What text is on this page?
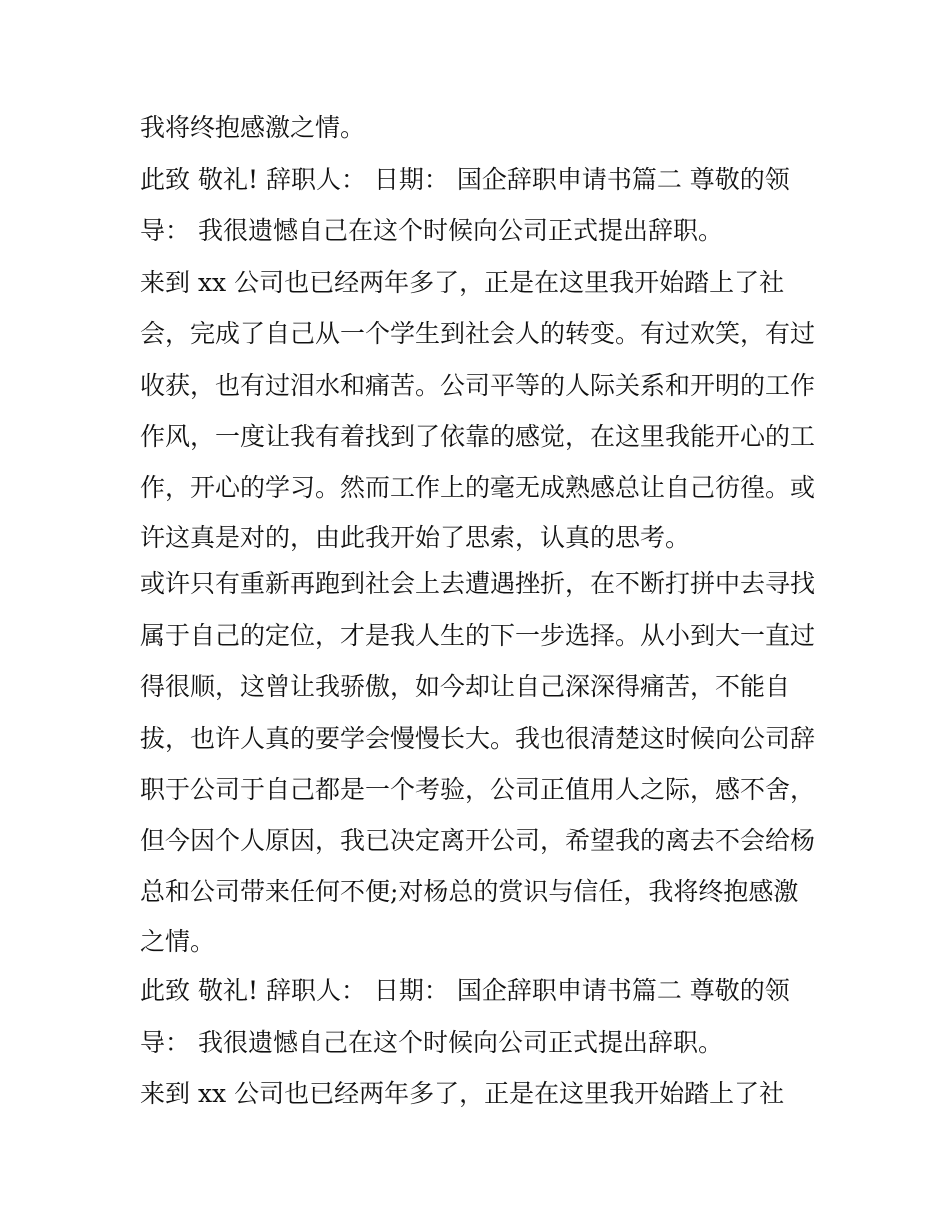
我将终抱感激之情。

此致 敬礼! 辞职人： 日期： 国企辞职申请书篇二 尊敬的领

导： 我很遗憾自己在这个时候向公司正式提出辞职。

来到 xx 公司也已经两年多了，正是在这里我开始踏上了社

会，完成了自己从一个学生到社会人的转变。有过欢笑，有过

收获，也有过泪水和痛苦。公司平等的人际关系和开明的工作

作风，一度让我有着找到了依靠的感觉，在这里我能开心的工

作，开心的学习。然而工作上的毫无成熟感总让自己彷徨。或

许这真是对的，由此我开始了思索，认真的思考。

或许只有重新再跑到社会上去遭遇挫折，在不断打拼中去寻找

属于自己的定位，才是我人生的下一步选择。从小到大一直过

得很顺，这曾让我骄傲，如今却让自己深深得痛苦，不能自

拔，也许人真的要学会慢慢长大。我也很清楚这时候向公司辞

职于公司于自己都是一个考验，公司正值用人之际，感不舍，

但今因个人原因，我已决定离开公司，希望我的离去不会给杨

总和公司带来任何不便;对杨总的赏识与信任，我将终抱感激

之情。

此致 敬礼! 辞职人： 日期： 国企辞职申请书篇二 尊敬的领

导： 我很遗憾自己在这个时候向公司正式提出辞职。

来到 xx 公司也已经两年多了，正是在这里我开始踏上了社
